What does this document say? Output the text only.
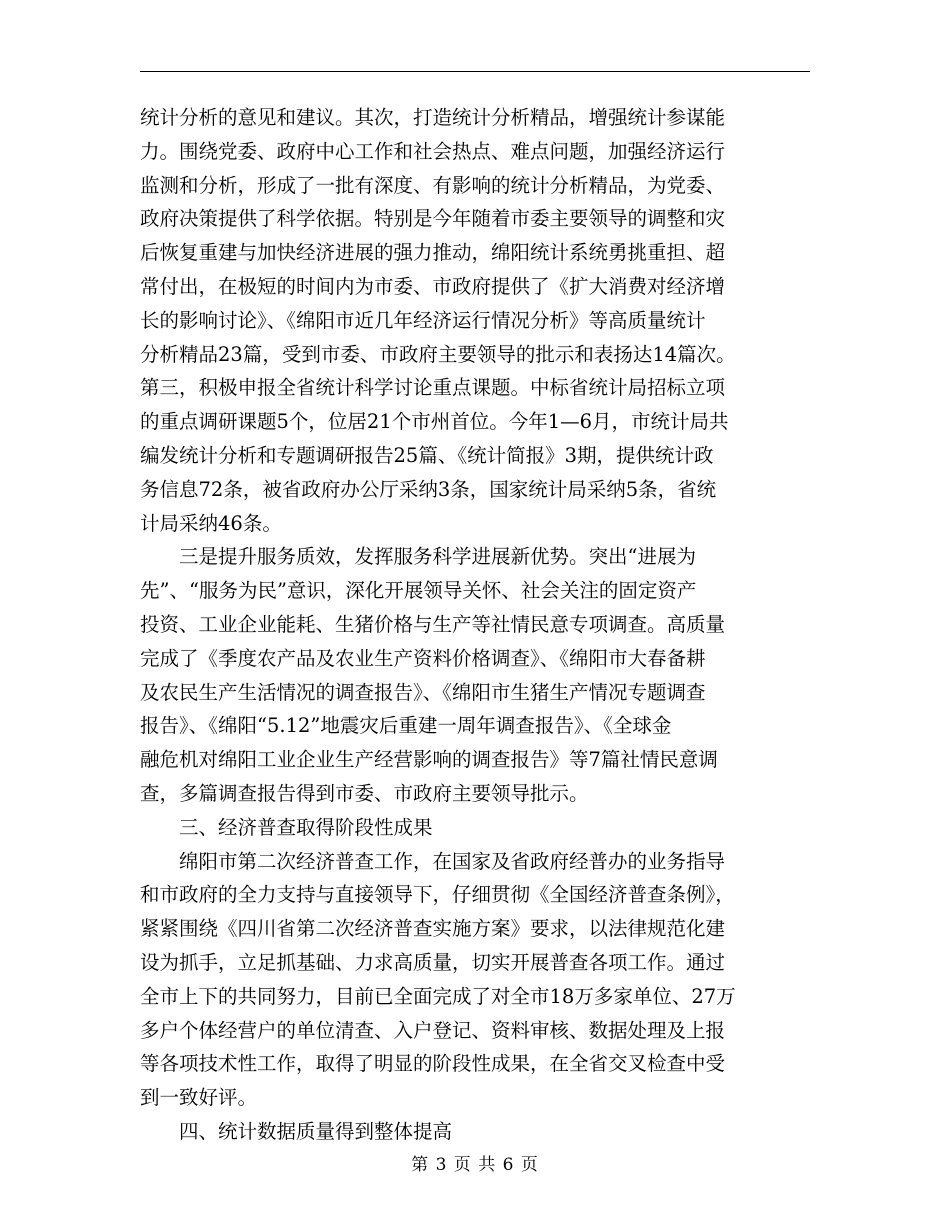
统计分析的意见和建议。其次，打造统计分析精品，增强统计参谋能
力。围绕党委、政府中心工作和社会热点、难点问题，加强经济运行
监测和分析，形成了一批有深度、有影响的统计分析精品，为党委、
政府决策提供了科学依据。特别是今年随着市委主要领导的调整和灾
后恢复重建与加快经济进展的强力推动，绵阳统计系统勇挑重担、超
常付出，在极短的时间内为市委、市政府提供了《扩大消费对经济增
长的影响讨论》、《绵阳市近几年经济运行情况分析》等高质量统计
分析精品23篇，受到市委、市政府主要领导的批示和表扬达14篇次。
第三，积极申报全省统计科学讨论重点课题。中标省统计局招标立项
的重点调研课题5个，位居21个市州首位。今年1—6月，市统计局共
编发统计分析和专题调研报告25篇、《统计简报》3期，提供统计政
务信息72条，被省政府办公厅采纳3条，国家统计局采纳5条，省统
计局采纳46条。

三是提升服务质效，发挥服务科学进展新优势。突出“进展为
先”、“服务为民”意识，深化开展领导关怀、社会关注的固定资产
投资、工业企业能耗、生猪价格与生产等社情民意专项调查。高质量
完成了《季度农产品及农业生产资料价格调查》、《绵阳市大春备耕
及农民生产生活情况的调查报告》、《绵阳市生猪生产情况专题调查
报告》、《绵阳“5.12”地震灾后重建一周年调查报告》、《全球金
融危机对绵阳工业企业生产经营影响的调查报告》等7篇社情民意调
查，多篇调查报告得到市委、市政府主要领导批示。

三、经济普查取得阶段性成果

绵阳市第二次经济普查工作，在国家及省政府经普办的业务指导
和市政府的全力支持与直接领导下，仔细贯彻《全国经济普查条例》，
紧紧围绕《四川省第二次经济普查实施方案》要求，以法律规范化建
设为抓手，立足抓基础、力求高质量，切实开展普查各项工作。通过
全市上下的共同努力，目前已全面完成了对全市18万多家单位、27万
多户个体经营户的单位清查、入户登记、资料审核、数据处理及上报
等各项技术性工作，取得了明显的阶段性成果，在全省交叉检查中受
到一致好评。

四、统计数据质量得到整体提高

第 3 页 共 6 页
